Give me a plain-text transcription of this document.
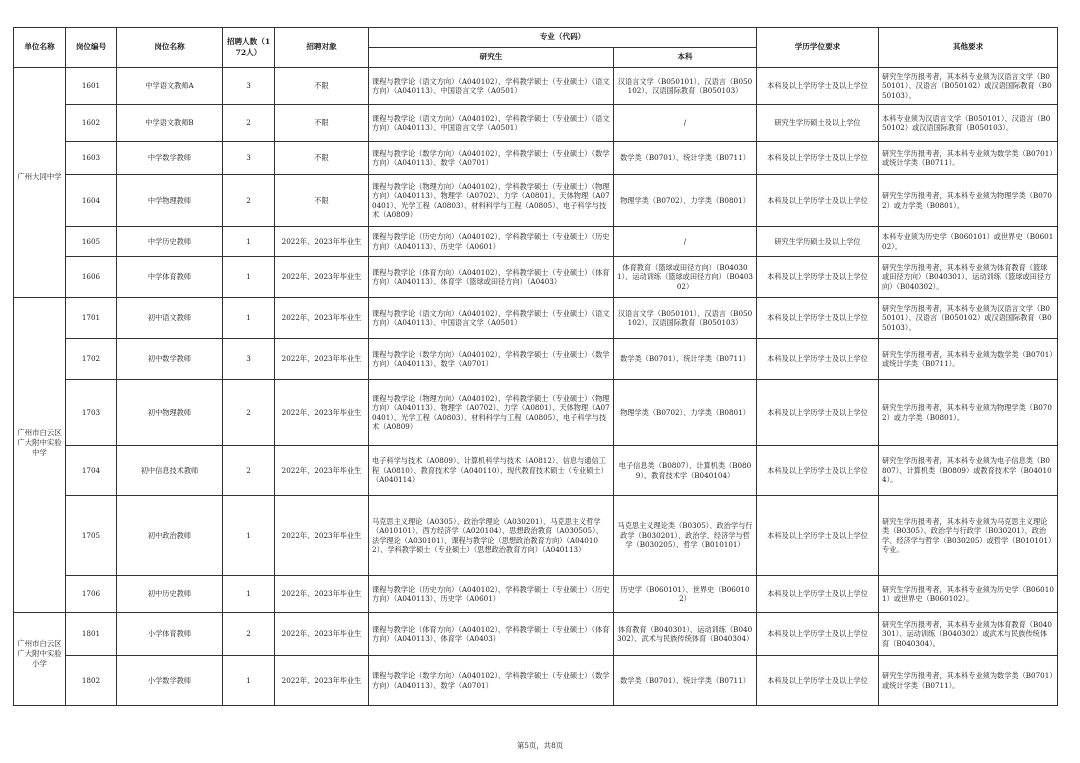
单位名称	岗位编号	岗位名称	招聘人数（172人）	招聘对象	专业（代码）		学历学位要求	其他要求
					研究生	本科		
广州大同中学	1601	中学语文教师A	3	不限	课程与教学论（语文方向）（A040102）、学科教学硕士（专业硕士）（语文方向）（A040113）、中国语言文学（A0501）	汉语言文学（B050101）、汉语言（B050102）、汉语国际教育（B050103）	本科及以上学历学士及以上学位	研究生学历报考者，其本科专业须为汉语言文学（B050101）、汉语言（B050102）或汉语国际教育（B050103）。
	1602	中学语文教师B	2	不限	课程与教学论（语文方向）（A040102）、学科教学硕士（专业硕士）（语文方向）（A040113）、中国语言文学（A0501）	/	研究生学历硕士及以上学位	本科专业须为汉语言文学（B050101）、汉语言（B050102）或汉语国际教育（B050103）。
	1603	中学数学教师	3	不限	课程与教学论（数学方向）（A040102）、学科教学硕士（专业硕士）（数学方向）（A040113）、数学（A0701）	数学类（B0701）、统计学类（B0711）	本科及以上学历学士及以上学位	研究生学历报考者，其本科专业须为数学类（B0701）或统计学类（B0711）。
	1604	中学物理教师	2	不限	课程与教学论（物理方向）（A040102）、学科教学硕士（专业硕士）（物理方向）（A040113）、物理学（A0702）、力学（A0801）、天体物理（A070401）、光学工程（A0803）、材料科学与工程（A0805）、电子科学与技术（A0809）	物理学类（B0702）、力学类（B0801）	本科及以上学历学士及以上学位	研究生学历报考者，其本科专业须为物理学类（B0702）或力学类（B0801）。
	1605	中学历史教师	1	2022年、2023年毕业生	课程与教学论（历史方向）（A040102）、学科教学硕士（专业硕士）（历史方向）（A040113）、历史学（A0601）	/	研究生学历硕士及以上学位	本科专业须为历史学（B060101）或世界史（B060102）。
	1606	中学体育教师	1	2022年、2023年毕业生	课程与教学论（体育方向）（A040102）、学科教学硕士（专业硕士）（体育方向）（A040113）、体育学（篮球或田径方向）（A0403）	体育教育（篮球或田径方向）（B040301）、运动训练（篮球或田径方向）（B040302）	本科及以上学历学士及以上学位	研究生学历报考者，其本科专业须为体育教育（篮球或田径方向）（B040301）、运动训练（篮球或田径方向）（B040302）。
广州市白云区广大附中实验中学	1701	初中语文教师	1	2022年、2023年毕业生	课程与教学论（语文方向）（A040102）、学科教学硕士（专业硕士）（语文方向）（A040113）、中国语言文学（A0501）	汉语言文学（B050101）、汉语言（B050102）、汉语国际教育（B050103）	本科及以上学历学士及以上学位	研究生学历报考者，其本科专业须为汉语言文学（B050101）、汉语言（B050102）或汉语国际教育（B050103）。
	1702	初中数学教师	3	2022年、2023年毕业生	课程与教学论（数学方向）（A040102）、学科教学硕士（专业硕士）（数学方向）（A040113）、数学（A0701）	数学类（B0701）、统计学类（B0711）	本科及以上学历学士及以上学位	研究生学历报考者，其本科专业须为数学类（B0701）或统计学类（B0711）。
	1703	初中物理教师	2	2022年、2023年毕业生	课程与教学论（物理方向）（A040102）、学科教学硕士（专业硕士）（物理方向）（A040113）、物理学（A0702）、力学（A0801）、天体物理（A070401）、光学工程（A0803）、材料科学与工程（A0805）、电子科学与技术（A0809）	物理学类（B0702）、力学类（B0801）	本科及以上学历学士及以上学位	研究生学历报考者，其本科专业须为物理学类（B0702）或力学类（B0801）。
	1704	初中信息技术教师	2	2022年、2023年毕业生	电子科学与技术（A0809）、计算机科学与技术（A0812）、信息与通信工程（A0810）、教育技术学（A040110）、现代教育技术硕士（专业硕士）（A040114）	电子信息类（B0807）、计算机类（B0809）、教育技术学（B040104）	本科及以上学历学士及以上学位	研究生学历报考者，其本科专业须为电子信息类（B0807）、计算机类（B0809）或教育技术学（B040104）。
	1705	初中政治教师	1	2022年、2023年毕业生	马克思主义理论（A0305）、政治学理论（A030201）、马克思主义哲学（A010101）、西方经济学（A020104）、思想政治教育（A030505）、法学理论（A030101）、课程与教学论（思想政治教育方向）（A040102）、学科教学硕士（专业硕士）（思想政治教育方向）（A040113）	马克思主义理论类（B0305）、政治学与行政学（B030201）、政治学、经济学与哲学（B030205）、哲学（B010101）	本科及以上学历学士及以上学位	研究生学历报考者，其本科专业须为马克思主义理论类（B0305）、政治学与行政学（B030201）、政治学、经济学与哲学（B030205）或哲学（B010101）专业。
	1706	初中历史教师	1	2022年、2023年毕业生	课程与教学论（历史方向）（A040102）、学科教学硕士（专业硕士）（历史方向）（A040113）、历史学（A0601）	历史学（B060101）、世界史（B060102）	本科及以上学历学士及以上学位	研究生学历报考者，其本科专业须为历史学（B060101）或世界史（B060102）。
广州市白云区广大附中实验小学	1801	小学体育教师	2	2022年、2023年毕业生	课程与教学论（体育方向）（A040102）、学科教学硕士（专业硕士）（体育方向）（A040113）、体育学（A0403）	体育教育（B040301）、运动训练（B040302）、武术与民族传统体育（B040304）	本科及以上学历学士及以上学位	研究生学历报考者，其本科专业须为体育教育（B040301）、运动训练（B040302）或武术与民族传统体育（B040304）。
	1802	小学数学教师	1	2022年、2023年毕业生	课程与教学论（数学方向）（A040102）、学科教学硕士（专业硕士）（数学方向）（A040113）、数学（A0701）	数学类（B0701）、统计学类（B0711）	本科及以上学历学士及以上学位	研究生学历报考者，其本科专业须为数学类（B0701）或统计学类（B0711）。
第5页，共8页
